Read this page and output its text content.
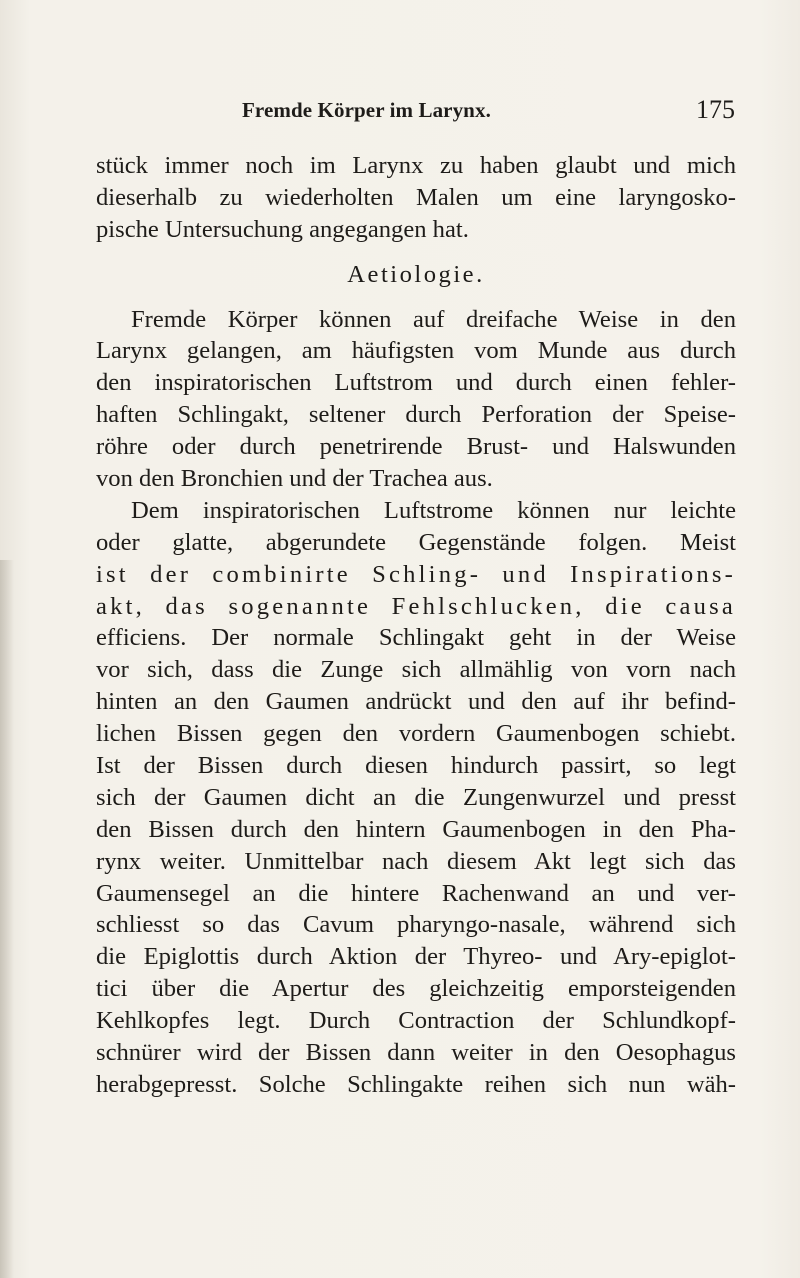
Fremde Körper im Larynx.	175
stück immer noch im Larynx zu haben glaubt und mich
dieserhalb zu wiederholten Malen um eine laryngosko-
pische Untersuchung angegangen hat.
Aetiologie.
Fremde Körper können auf dreifache Weise in den
Larynx gelangen, am häufigsten vom Munde aus durch
den inspiratorischen Luftstrom und durch einen fehler-
haften Schlingakt, seltener durch Perforation der Speise-
röhre oder durch penetrirende Brust- und Halswunden
von den Bronchien und der Trachea aus.
Dem inspiratorischen Luftstrome können nur leichte
oder glatte, abgerundete Gegenstände folgen. Meist
ist der combinirte Schling- und Inspirations-
akt, das sogenannte Fehlschlucken, die causa
efficiens. Der normale Schlingakt geht in der Weise
vor sich, dass die Zunge sich allmählig von vorn nach
hinten an den Gaumen andrückt und den auf ihr befind-
lichen Bissen gegen den vordern Gaumenbogen schiebt.
Ist der Bissen durch diesen hindurch passirt, so legt
sich der Gaumen dicht an die Zungenwurzel und presst
den Bissen durch den hintern Gaumenbogen in den Pha-
rynx weiter. Unmittelbar nach diesem Akt legt sich das
Gaumensegel an die hintere Rachenwand an und ver-
schliesst so das Cavum pharyngo-nasale, während sich
die Epiglottis durch Aktion der Thyreo- und Ary-epiglot-
tici über die Apertur des gleichzeitig emporsteigenden
Kehlkopfes legt. Durch Contraction der Schlundkopf-
schnürer wird der Bissen dann weiter in den Oesophagus
herabgepresst. Solche Schlingakte reihen sich nun wäh-
